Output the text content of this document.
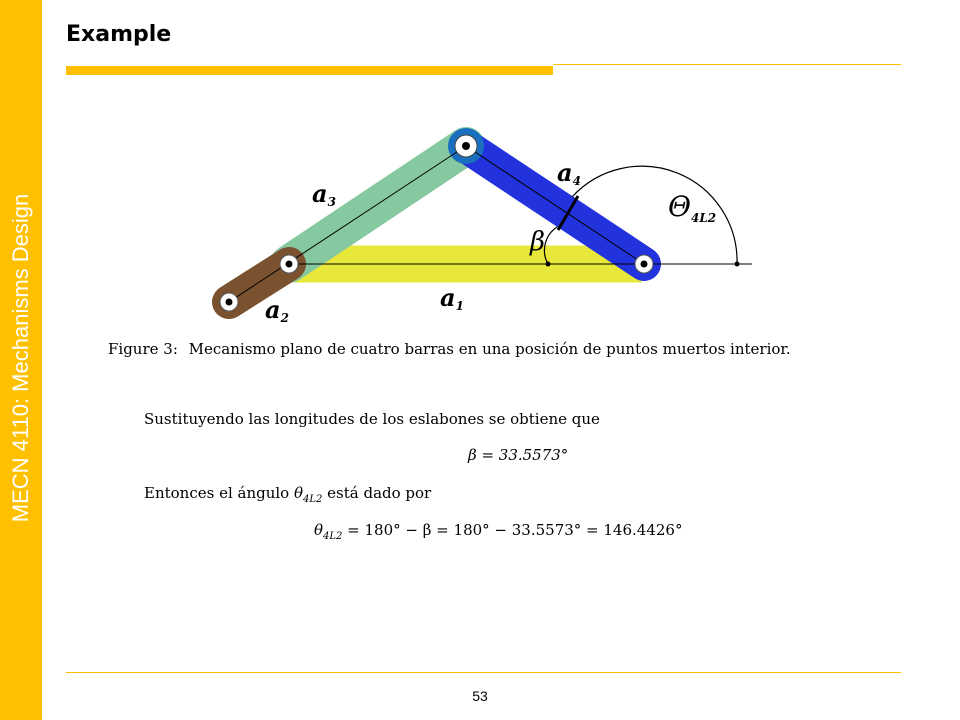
MECN 4110: Mechanisms Design
Example
a3
a4
a1
a2
β
$\Theta_{4L2}$
Figure 3: Mecanismo plano de cuatro barras en una posición de puntos muertos interior.
Sustituyendo las longitudes de los eslabones se obtiene que
β = 33.5573°
Entonces el ángulo $\theta_{4L2}$ está dado por
$\theta_{4L2} = 180^\circ - \beta = 180^\circ - 33.5573^\circ = 146.4426^\circ$
53
